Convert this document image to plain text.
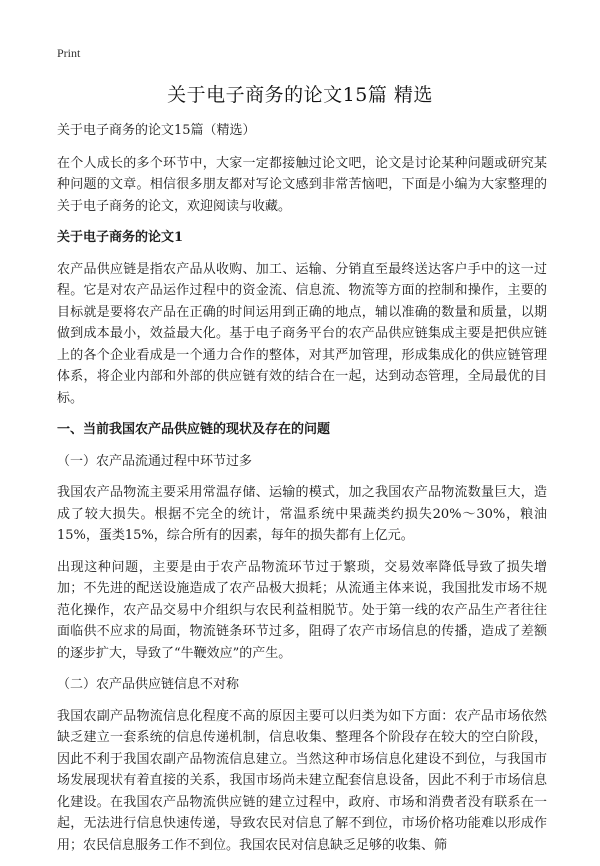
Print
关于电子商务的论文15篇 精选

关于电子商务的论文15篇（精选）

在个人成长的多个环节中，大家一定都接触过论文吧，论文是讨论某种问题或研究某种问题的文章。相信很多朋友都对写论文感到非常苦恼吧，下面是小编为大家整理的关于电子商务的论文，欢迎阅读与收藏。

关于电子商务的论文1

农产品供应链是指农产品从收购、加工、运输、分销直至最终送达客户手中的这一过程。它是对农产品运作过程中的资金流、信息流、物流等方面的控制和操作，主要的目标就是要将农产品在正确的时间运用到正确的地点，辅以准确的数量和质量，以期做到成本最小，效益最大化。基于电子商务平台的农产品供应链集成主要是把供应链上的各个企业看成是一个通力合作的整体，对其严加管理，形成集成化的供应链管理体系，将企业内部和外部的供应链有效的结合在一起，达到动态管理，全局最优的目标。

一、当前我国农产品供应链的现状及存在的问题

（一）农产品流通过程中环节过多

我国农产品物流主要采用常温存储、运输的模式，加之我国农产品物流数量巨大，造成了较大损失。根据不完全的统计，常温系统中果蔬类约损失20%～30%，粮油15%，蛋类15%，综合所有的因素，每年的损失都有上亿元。

出现这种问题，主要是由于农产品物流环节过于繁琐，交易效率降低导致了损失增加；不先进的配送设施造成了农产品极大损耗；从流通主体来说，我国批发市场不规范化操作，农产品交易中介组织与农民利益相脱节。处于第一线的农产品生产者往往面临供不应求的局面，物流链条环节过多，阻碍了农产市场信息的传播，造成了差额的逐步扩大，导致了“牛鞭效应”的产生。

（二）农产品供应链信息不对称

我国农副产品物流信息化程度不高的原因主要可以归类为如下方面：农产品市场依然缺乏建立一套系统的信息传递机制，信息收集、整理各个阶段存在较大的空白阶段，因此不利于我国农副产品物流信息建立。当然这种市场信息化建设不到位，与我国市场发展现状有着直接的关系，我国市场尚未建立配套信息设备，因此不利于市场信息化建设。在我国农产品物流供应链的建立过程中，政府、市场和消费者没有联系在一起，无法进行信息快速传递，导致农民对信息了解不到位，市场价格功能难以形成作用；农民信息服务工作不到位。我国农民对信息缺乏足够的收集、筛
